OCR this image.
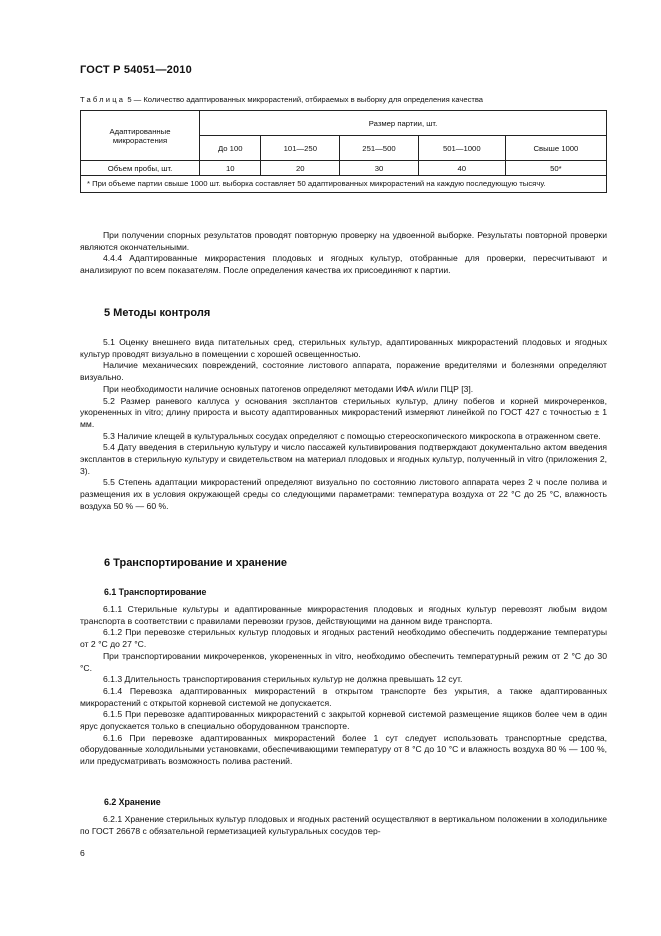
ГОСТ Р 54051—2010
Таблица 5 — Количество адаптированных микрорастений, отбираемых в выборку для определения качества
Адаптированные микрорастения	Размер партии, шт.				
	До 100	101—250	251—500	501—1000	Свыше 1000
Объем пробы, шт.	10	20	30	40	50*
* При объеме партии свыше 1000 шт. выборка составляет 50 адаптированных микрорастений на каждую последующую тысячу.					

При получении спорных результатов проводят повторную проверку на удвоенной выборке. Результаты повторной проверки являются окончательными.

4.4.4 Адаптированные микрорастения плодовых и ягодных культур, отобранные для проверки, пересчитывают и анализируют по всем показателям. После определения качества их присоединяют к партии.

5 Методы контроля

5.1 Оценку внешнего вида питательных сред, стерильных культур, адаптированных микрорастений плодовых и ягодных культур проводят визуально в помещении с хорошей освещенностью.

Наличие механических повреждений, состояние листового аппарата, поражение вредителями и болезнями определяют визуально.

При необходимости наличие основных патогенов определяют методами ИФА и/или ПЦР [3].

5.2 Размер раневого каллуса у основания эксплантов стерильных культур, длину побегов и корней микрочеренков, укорененных in vitro; длину прироста и высоту адаптированных микрорастений измеряют линейкой по ГОСТ 427 с точностью ± 1 мм.

5.3 Наличие клещей в культуральных сосудах определяют с помощью стереоскопического микроскопа в отраженном свете.

5.4 Дату введения в стерильную культуру и число пассажей культивирования подтверждают документально актом введения эксплантов в стерильную культуру и свидетельством на материал плодовых и ягодных культур, полученный in vitro (приложения 2, 3).

5.5 Степень адаптации микрорастений определяют визуально по состоянию листового аппарата через 2 ч после полива и размещения их в условия окружающей среды со следующими параметрами: температура воздуха от 22 °С до 25 °С, влажность воздуха 50 % — 60 %.

6 Транспортирование и хранение
6.1 Транспортирование

6.1.1 Стерильные культуры и адаптированные микрорастения плодовых и ягодных культур перевозят любым видом транспорта в соответствии с правилами перевозки грузов, действующими на данном виде транспорта.

6.1.2 При перевозке стерильных культур плодовых и ягодных растений необходимо обеспечить поддержание температуры от 2 °С до 27 °С.

При транспортировании микрочеренков, укорененных in vitro, необходимо обеспечить температурный режим от 2 °С до 30 °С.

6.1.3 Длительность транспортирования стерильных культур не должна превышать 12 сут.

6.1.4 Перевозка адаптированных микрорастений в открытом транспорте без укрытия, а также адаптированных микрорастений с открытой корневой системой не допускается.

6.1.5 При перевозке адаптированных микрорастений с закрытой корневой системой размещение ящиков более чем в один ярус допускается только в специально оборудованном транспорте.

6.1.6 При перевозке адаптированных микрорастений более 1 сут следует использовать транспортные средства, оборудованные холодильными установками, обеспечивающими температуру от 8 °С до 10 °С и влажность воздуха 80 % — 100 %, или предусматривать возможность полива растений.

6.2 Хранение

6.2.1 Хранение стерильных культур плодовых и ягодных растений осуществляют в вертикальном положении в холодильнике по ГОСТ 26678 с обязательной герметизацией культуральных сосудов тер-

6
